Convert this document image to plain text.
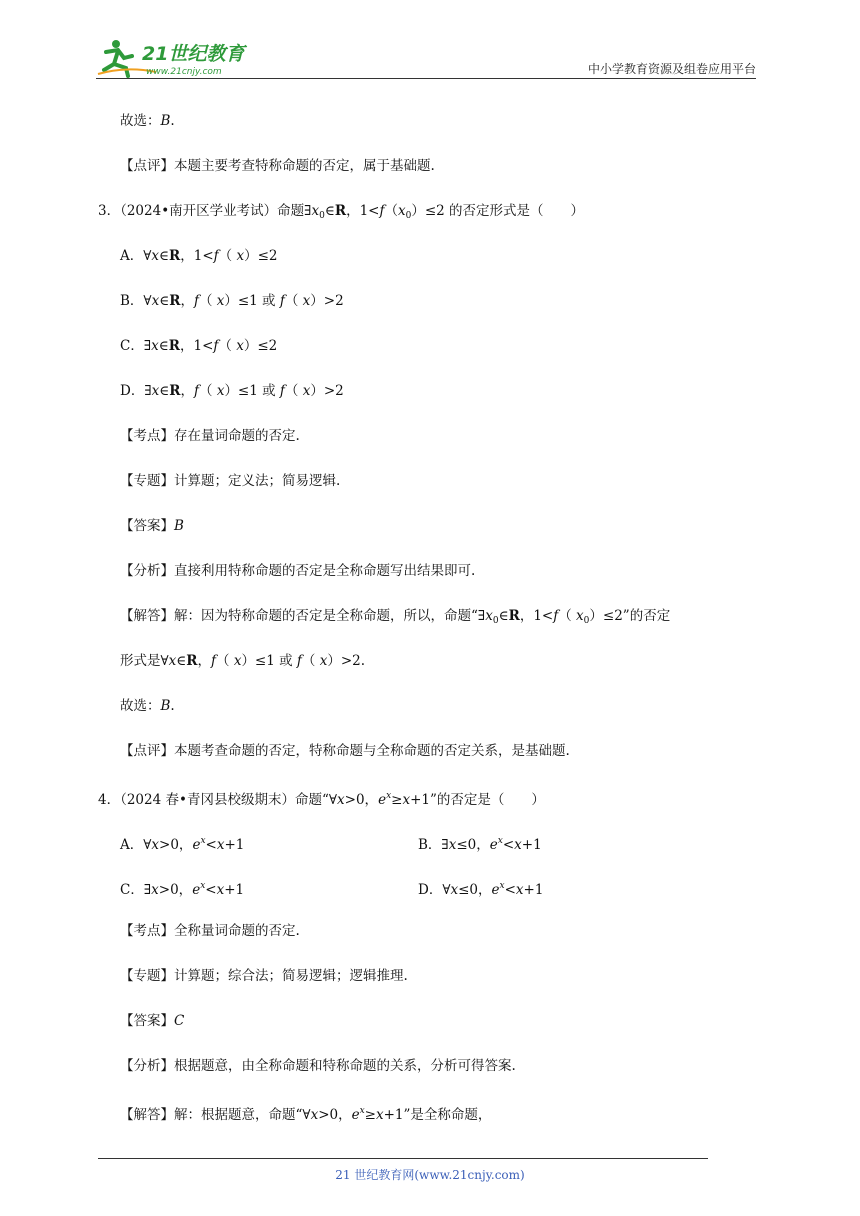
21世纪教育
www.21cnjy.com	中小学教育资源及组卷应用平台
故选：B.
【点评】本题主要考查特称命题的否定，属于基础题.
3．（2024•南开区学业考试）命题$\exists x_0\in R$，$1<f(x_0)\le 2$ 的否定形式是（　　）
A．∀x∈R，1<f（ x）≤2
B．∀x∈R，f（ x）≤1 或 f（ x）>2
C．∃x∈R，1<f（ x）≤2
D．∃x∈R，f（ x）≤1 或 f（ x）>2
【考点】存在量词命题的否定.
【专题】计算题；定义法；简易逻辑.
【答案】B
【分析】直接利用特称命题的否定是全称命题写出结果即可.
【解答】解：因为特称命题的否定是全称命题，所以，命题“$\exists x_0\in R$，1<f（ $x_0)\le 2$”的否定
形式是∀x∈R，f（ x）≤1 或 f（ x）>2.
故选：B.
【点评】本题考查命题的否定，特称命题与全称命题的否定关系，是基础题.
4．（2024 春•青冈县校级期末）命题“∀x>0，$e^x\ge x+1$”的否定是（　　）
A．∀x>0，$e^x<x+1$	B．∃x≤0，$e^x<x+1$
C．∃x>0，$e^x<x+1$	D．∀x≤0，$e^x<x+1$
【考点】全称量词命题的否定.
【专题】计算题；综合法；简易逻辑；逻辑推理.
【答案】C
【分析】根据题意，由全称命题和特称命题的关系，分析可得答案.
【解答】解：根据题意，命题“∀x>0，$e^x\ge x+1$”是全称命题，
21 世纪教育网(www.21cnjy.com)
